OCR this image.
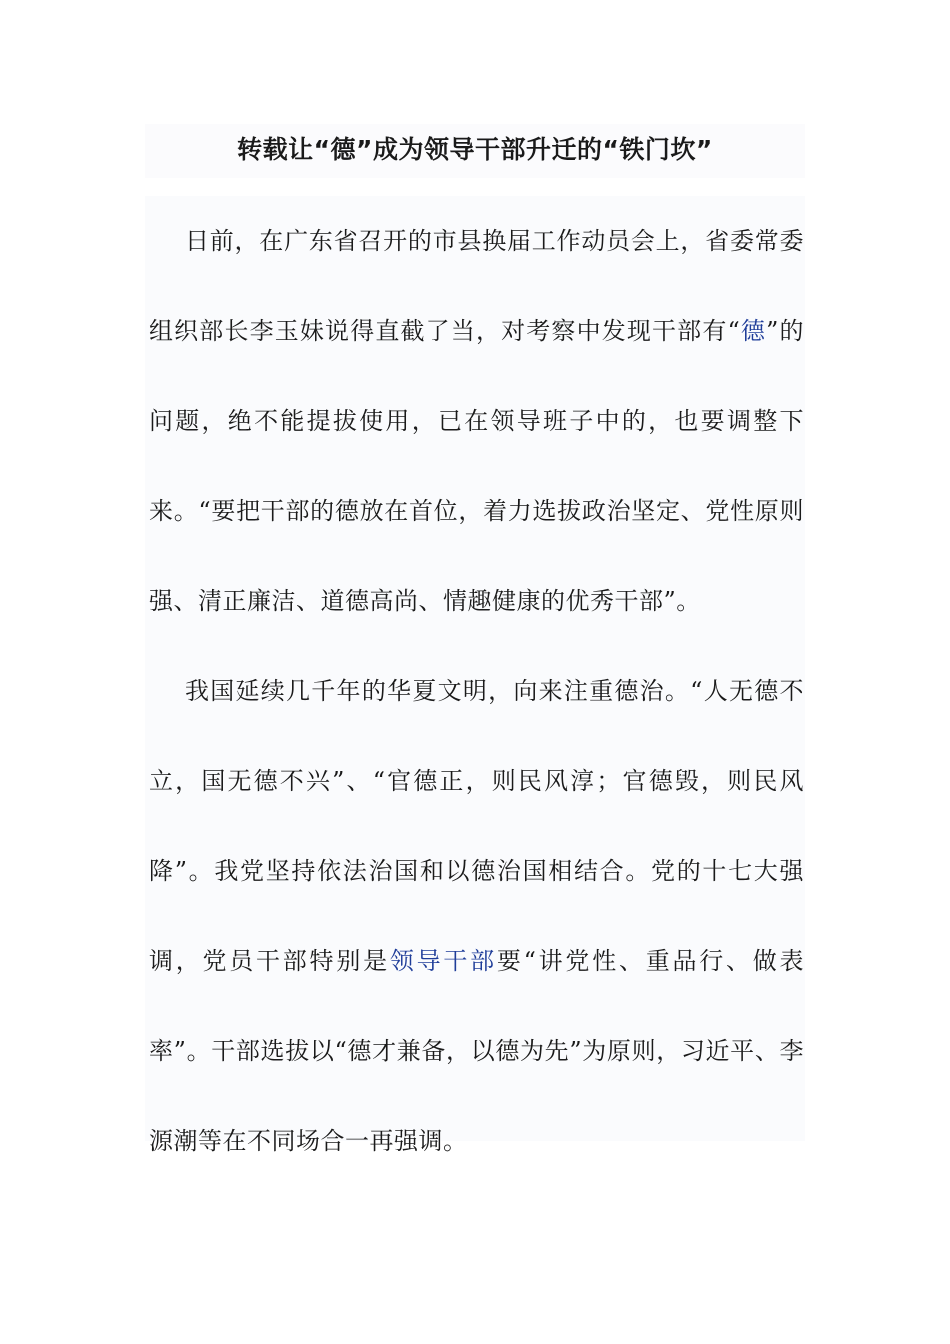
转载让“德”成为领导干部升迁的“铁门坎”

日前，在广东省召开的市县换届工作动员会上，省委常委组织部长李玉妹说得直截了当，对考察中发现干部有“德”的问题，绝不能提拔使用，已在领导班子中的，也要调整下来。“要把干部的德放在首位，着力选拔政治坚定、党性原则强、清正廉洁、道德高尚、情趣健康的优秀干部”。

我国延续几千年的华夏文明，向来注重德治。“人无德不立，国无德不兴”、“官德正，则民风淳；官德毁，则民风降”。我党坚持依法治国和以德治国相结合。党的十七大强调，党员干部特别是领导干部要“讲党性、重品行、做表率”。干部选拔以“德才兼备，以德为先”为原则，习近平、李源潮等在不同场合一再强调。
